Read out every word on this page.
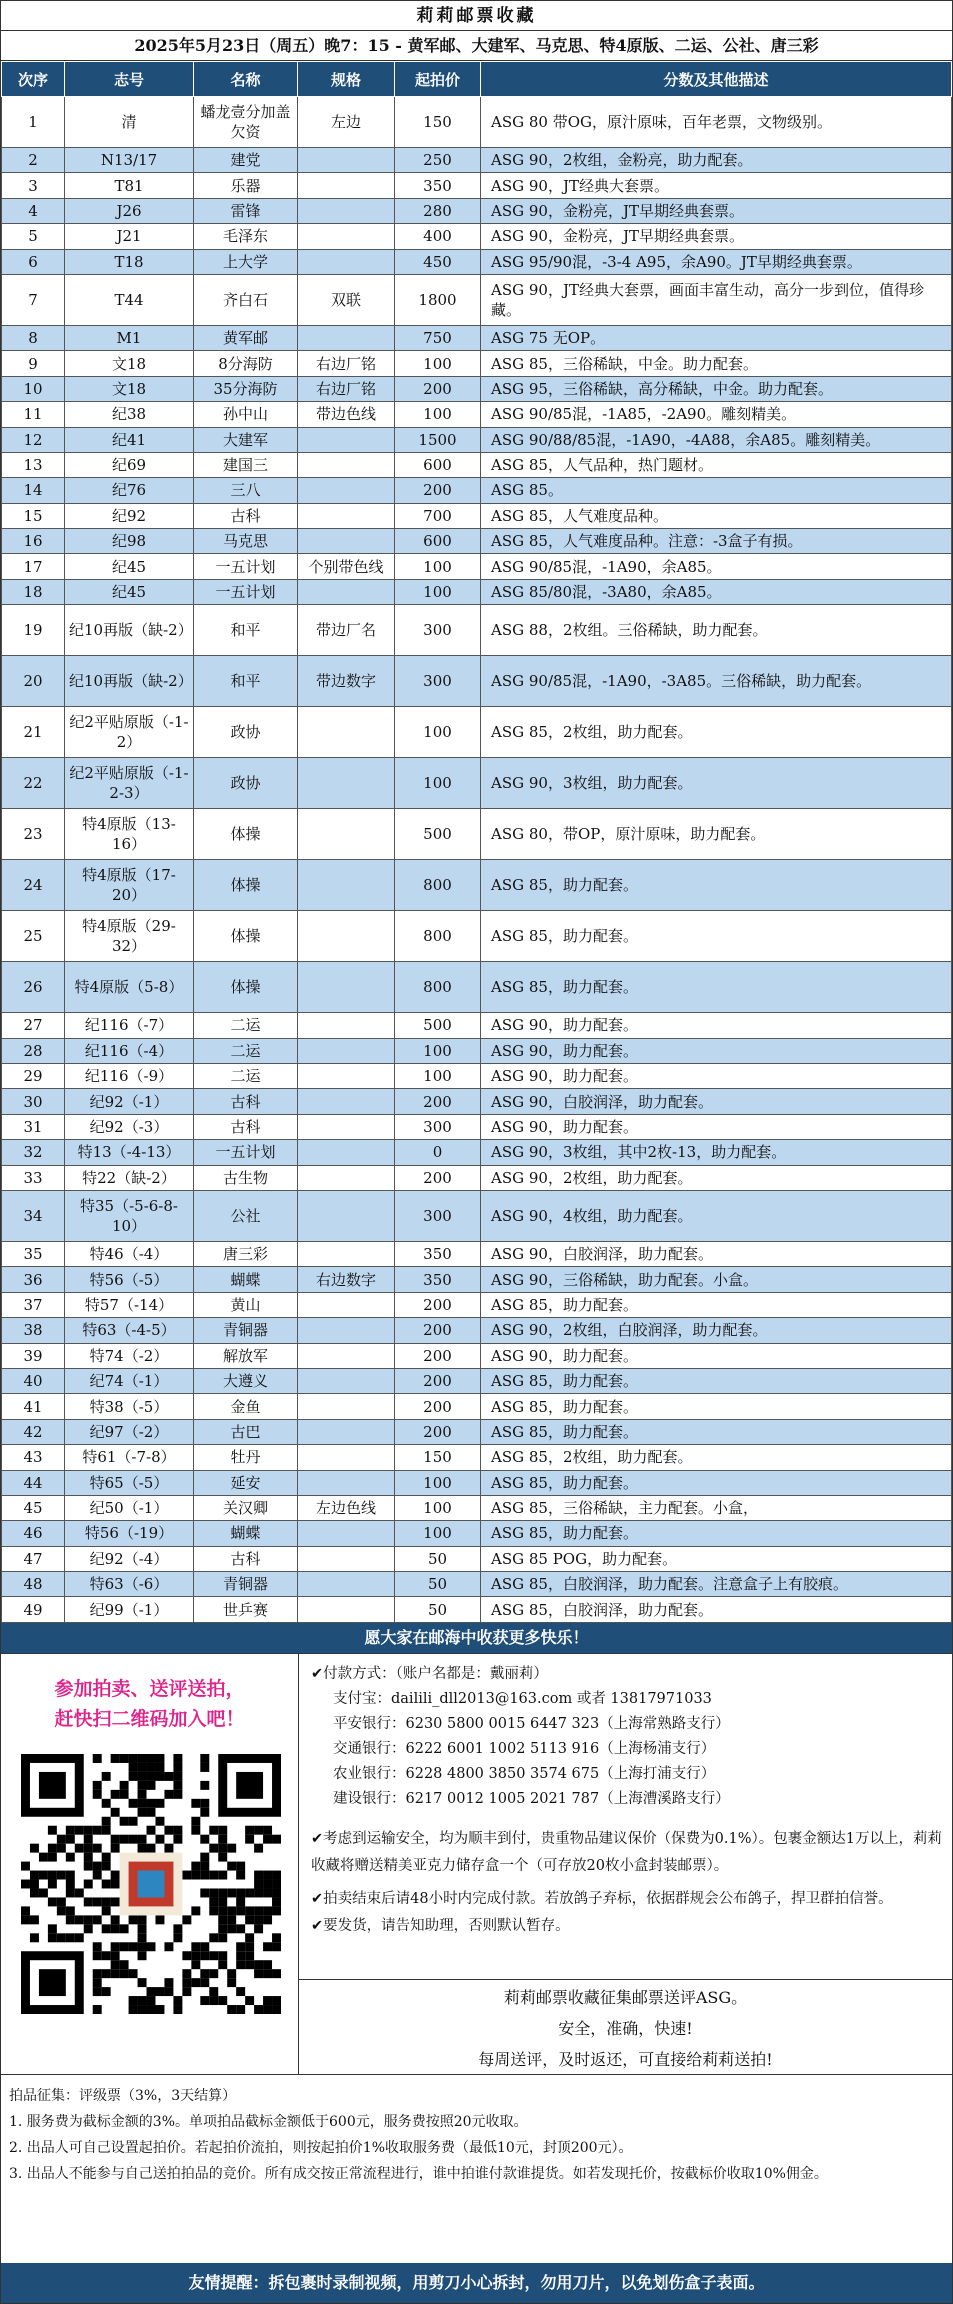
莉莉邮票收藏
2025年5月23日（周五）晚7：15 - 黄军邮、大建军、马克思、特4原版、二运、公社、唐三彩
次序	志号	名称	规格	起拍价	分数及其他描述
1	清	蟠龙壹分加盖欠资	左边	150	ASG 80 带OG，原汁原味，百年老票，文物级别。
2	N13/17	建党		250	ASG 90，2枚组，金粉亮，助力配套。
3	T81	乐器		350	ASG 90，JT经典大套票。
4	J26	雷锋		280	ASG 90，金粉亮，JT早期经典套票。
5	J21	毛泽东		400	ASG 90，金粉亮，JT早期经典套票。
6	T18	上大学		450	ASG 95/90混，-3-4 A95，余A90。JT早期经典套票。
7	T44	齐白石	双联	1800	ASG 90，JT经典大套票，画面丰富生动，高分一步到位，值得珍藏。
8	M1	黄军邮		750	ASG 75 无OP。
9	文18	8分海防	右边厂铭	100	ASG 85，三俗稀缺，中金。助力配套。
10	文18	35分海防	右边厂铭	200	ASG 95，三俗稀缺，高分稀缺，中金。助力配套。
11	纪38	孙中山	带边色线	100	ASG 90/85混，-1A85，-2A90。雕刻精美。
12	纪41	大建军		1500	ASG 90/88/85混，-1A90，-4A88，余A85。雕刻精美。
13	纪69	建国三		600	ASG 85，人气品种，热门题材。
14	纪76	三八		200	ASG 85。
15	纪92	古科		700	ASG 85，人气难度品种。
16	纪98	马克思		600	ASG 85，人气难度品种。注意：-3盒子有损。
17	纪45	一五计划	个别带色线	100	ASG 90/85混，-1A90，余A85。
18	纪45	一五计划		100	ASG 85/80混，-3A80，余A85。
19	纪10再版（缺-2）	和平	带边厂名	300	ASG 88，2枚组。三俗稀缺，助力配套。
20	纪10再版（缺-2）	和平	带边数字	300	ASG 90/85混，-1A90，-3A85。三俗稀缺，助力配套。
21	纪2平贴原版（-1-2）	政协		100	ASG 85，2枚组，助力配套。
22	纪2平贴原版（-1-2-3）	政协		100	ASG 90，3枚组，助力配套。
23	特4原版（13-16）	体操		500	ASG 80，带OP，原汁原味，助力配套。
24	特4原版（17-20）	体操		800	ASG 85，助力配套。
25	特4原版（29-32）	体操		800	ASG 85，助力配套。
26	特4原版（5-8）	体操		800	ASG 85，助力配套。
27	纪116（-7）	二运		500	ASG 90，助力配套。
28	纪116（-4）	二运		100	ASG 90，助力配套。
29	纪116（-9）	二运		100	ASG 90，助力配套。
30	纪92（-1）	古科		200	ASG 90，白胶润泽，助力配套。
31	纪92（-3）	古科		300	ASG 90，助力配套。
32	特13（-4-13）	一五计划		0	ASG 90，3枚组，其中2枚-13，助力配套。
33	特22（缺-2）	古生物		200	ASG 90，2枚组，助力配套。
34	特35（-5-6-8-10）	公社		300	ASG 90，4枚组，助力配套。
35	特46（-4）	唐三彩		350	ASG 90，白胶润泽，助力配套。
36	特56（-5）	蝴蝶	右边数字	350	ASG 90，三俗稀缺，助力配套。小盒。
37	特57（-14）	黄山		200	ASG 85，助力配套。
38	特63（-4-5）	青铜器		200	ASG 90，2枚组，白胶润泽，助力配套。
39	特74（-2）	解放军		200	ASG 90，助力配套。
40	纪74（-1）	大遵义		200	ASG 85，助力配套。
41	特38（-5）	金鱼		200	ASG 85，助力配套。
42	纪97（-2）	古巴		200	ASG 85，助力配套。
43	特61（-7-8）	牡丹		150	ASG 85，2枚组，助力配套。
44	特65（-5）	延安		100	ASG 85，助力配套。
45	纪50（-1）	关汉卿	左边色线	100	ASG 85，三俗稀缺，主力配套。小盒，
46	特56（-19）	蝴蝶		100	ASG 85，助力配套。
47	纪92（-4）	古科		50	ASG 85 POG，助力配套。
48	特63（-6）	青铜器		50	ASG 85，白胶润泽，助力配套。注意盒子上有胶痕。
49	纪99（-1）	世乒赛		50	ASG 85，白胶润泽，助力配套。
愿大家在邮海中收获更多快乐！
参加拍卖、送评送拍，
赶快扫二维码加入吧！
✔付款方式：（账户名都是：戴丽莉）
支付宝：dailili_dll2013@163.com 或者 13817971033
平安银行：6230 5800 0015 6447 323（上海常熟路支行）
交通银行：6222 6001 1002 5113 916（上海杨浦支行）
农业银行：6228 4800 3850 3574 675（上海打浦支行）
建设银行：6217 0012 1005 2021 787（上海漕溪路支行）
✔考虑到运输安全，均为顺丰到付，贵重物品建议保价（保费为0.1%）。包裹金额达1万以上，莉莉收藏将赠送精美亚克力储存盒一个（可存放20枚小盒封装邮票）。
✔拍卖结束后请48小时内完成付款。若放鸽子弃标，依据群规会公布鸽子，捍卫群拍信誉。
✔要发货，请告知助理，否则默认暂存。
莉莉邮票收藏征集邮票送评ASG。
安全，准确，快速!
每周送评，及时返还，可直接给莉莉送拍!
拍品征集：评级票（3%，3天结算）
1. 服务费为截标金额的3%。单项拍品截标金额低于600元，服务费按照20元收取。
2. 出品人可自己设置起拍价。若起拍价流拍，则按起拍价1%收取服务费（最低10元，封顶200元）。
3. 出品人不能参与自己送拍拍品的竞价。所有成交按正常流程进行，谁中拍谁付款谁提货。如若发现托价，按截标价收取10%佣金。
友情提醒：拆包裹时录制视频，用剪刀小心拆封，勿用刀片，以免划伤盒子表面。
